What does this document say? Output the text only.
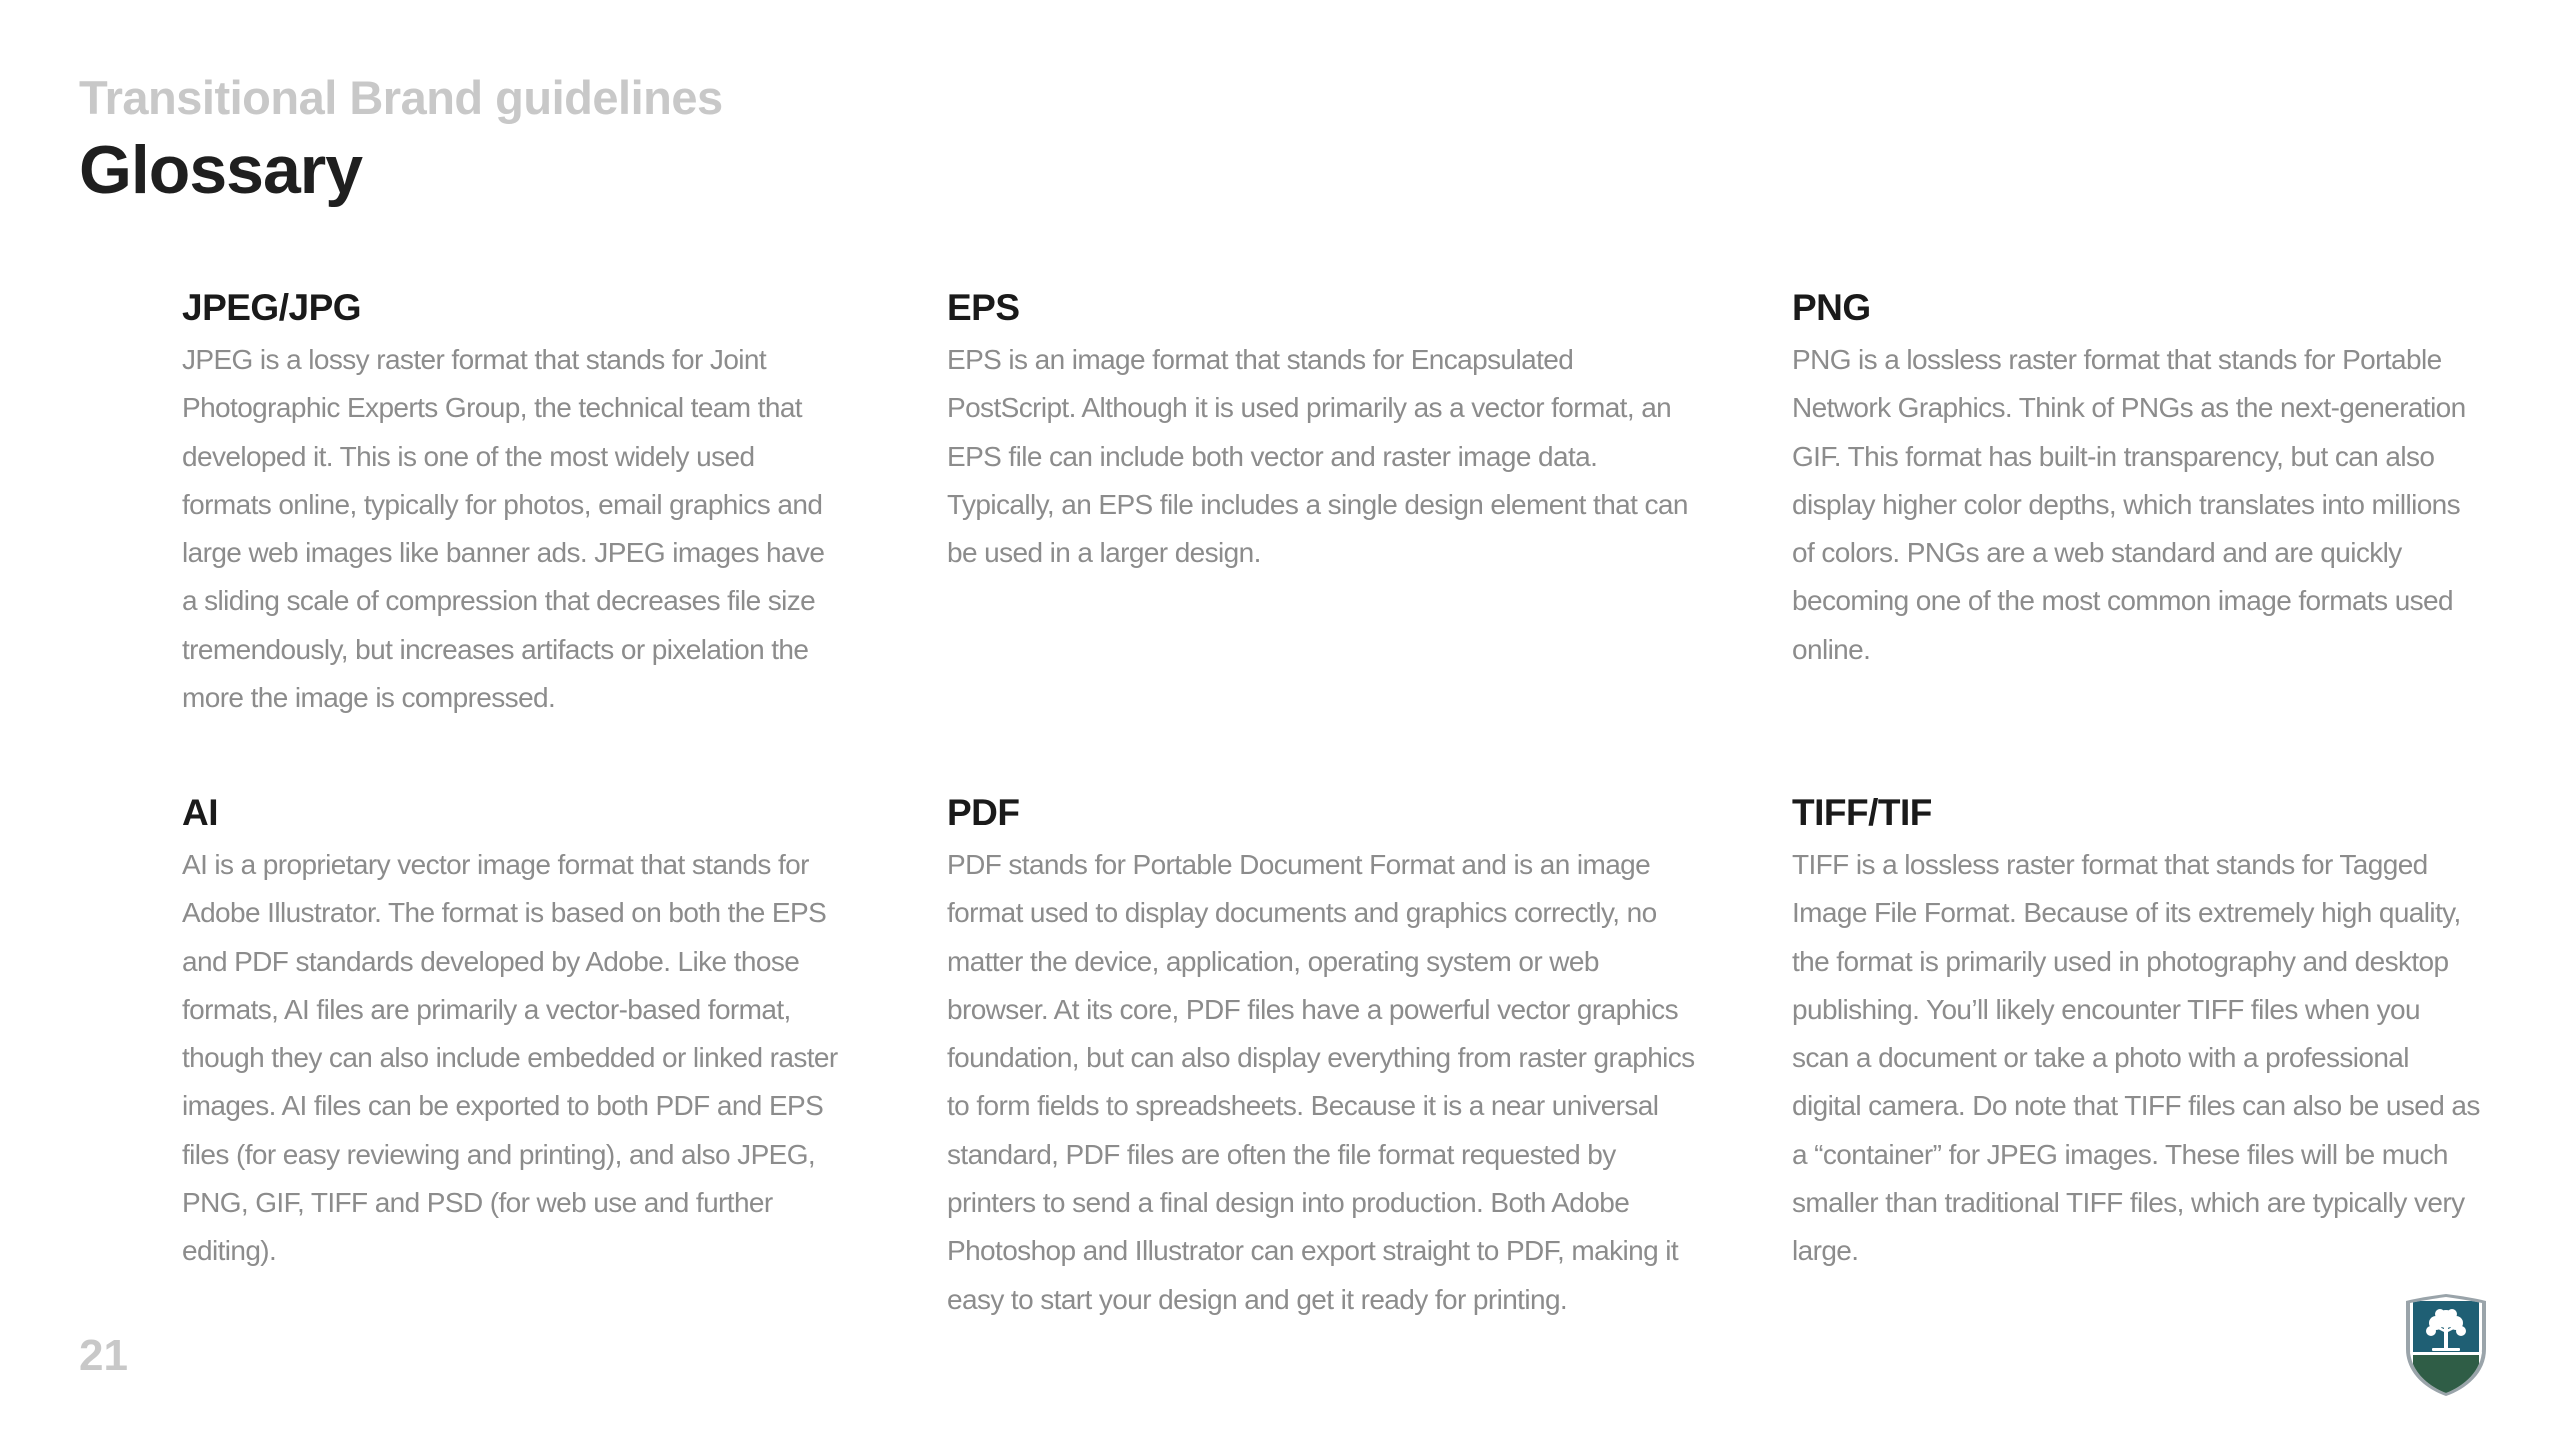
Transitional Brand guidelines
Glossary
JPEG/JPG

JPEG is a lossy raster format that stands for Joint Photographic Experts Group, the technical team that developed it. This is one of the most widely used formats online, typically for photos, email graphics and large web images like banner ads. JPEG images have a sliding scale of compression that decreases file size tremendously, but increases artifacts or pixelation the more the image is compressed.

EPS

EPS is an image format that stands for Encapsulated PostScript. Although it is used primarily as a vector format, an EPS file can include both vector and raster image data. Typically, an EPS file includes a single design element that can be used in a larger design.

PNG

PNG is a lossless raster format that stands for Portable Network Graphics. Think of PNGs as the next-generation GIF. This format has built-in transparency, but can also display higher color depths, which translates into millions of colors. PNGs are a web standard and are quickly becoming one of the most common image formats used online.

AI

AI is a proprietary vector image format that stands for Adobe Illustrator. The format is based on both the EPS and PDF standards developed by Adobe. Like those formats, AI files are primarily a vector-based format, though they can also include embedded or linked raster images. AI files can be exported to both PDF and EPS files (for easy reviewing and printing), and also JPEG, PNG, GIF, TIFF and PSD (for web use and further editing).

PDF

PDF stands for Portable Document Format and is an image format used to display documents and graphics correctly, no matter the device, application, operating system or web browser. At its core, PDF files have a powerful vector graphics foundation, but can also display everything from raster graphics to form fields to spreadsheets. Because it is a near universal standard, PDF files are often the file format requested by printers to send a final design into production. Both Adobe Photoshop and Illustrator can export straight to PDF, making it easy to start your design and get it ready for printing.

TIFF/TIF

TIFF is a lossless raster format that stands for Tagged Image File Format. Because of its extremely high quality, the format is primarily used in photography and desktop publishing. You’ll likely encounter TIFF files when you scan a document or take a photo with a professional digital camera. Do note that TIFF files can also be used as a “container” for JPEG images. These files will be much smaller than traditional TIFF files, which are typically very large.

21
